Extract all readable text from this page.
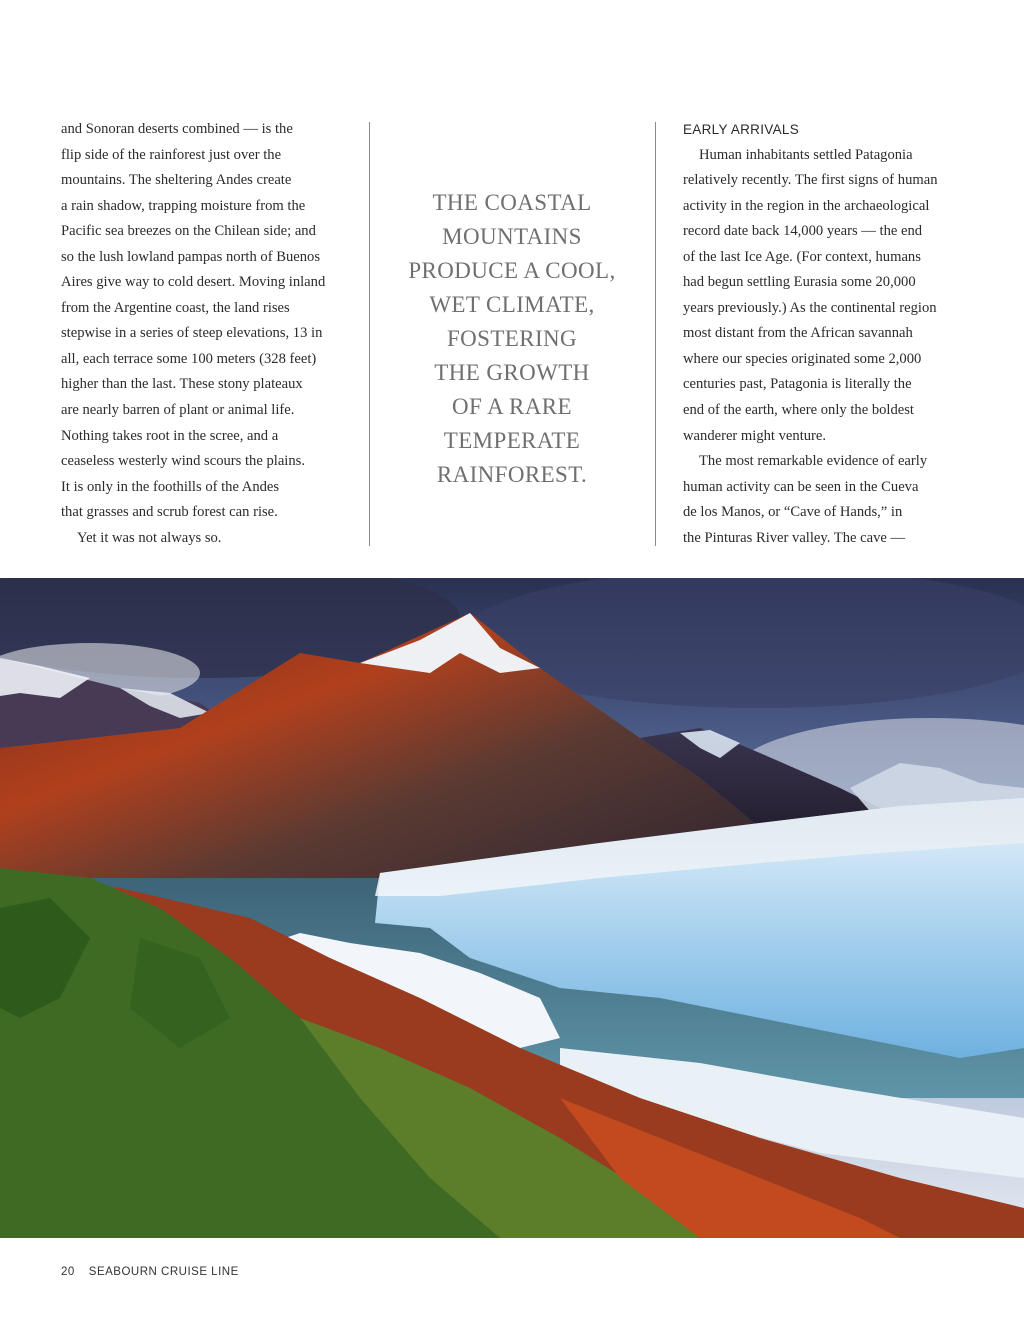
and Sonoran deserts combined — is the

flip side of the rainforest just over the

mountains. The sheltering Andes create

a rain shadow, trapping moisture from the

Pacific sea breezes on the Chilean side; and

so the lush lowland pampas north of Buenos

Aires give way to cold desert. Moving inland

from the Argentine coast, the land rises

stepwise in a series of steep elevations, 13 in

all, each terrace some 100 meters (328 feet)

higher than the last. These stony plateaux

are nearly barren of plant or animal life.

Nothing takes root in the scree, and a

ceaseless westerly wind scours the plains.

It is only in the foothills of the Andes

that grasses and scrub forest can rise.

Yet it was not always so.

THE COASTAL
MOUNTAINS
PRODUCE A COOL,
WET CLIMATE,
FOSTERING
THE GROWTH
OF A RARE
TEMPERATE
RAINFOREST.

EARLY ARRIVALS

Human inhabitants settled Patagonia

relatively recently. The first signs of human

activity in the region in the archaeological

record date back 14,000 years — the end

of the last Ice Age. (For context, humans

had begun settling Eurasia some 20,000

years previously.) As the continental region

most distant from the African savannah

where our species originated some 2,000

centuries past, Patagonia is literally the

end of the earth, where only the boldest

wanderer might venture.

The most remarkable evidence of early

human activity can be seen in the Cueva

de los Manos, or “Cave of Hands,” in

the Pinturas River valley. The cave —

20 SEABOURN CRUISE LINE
